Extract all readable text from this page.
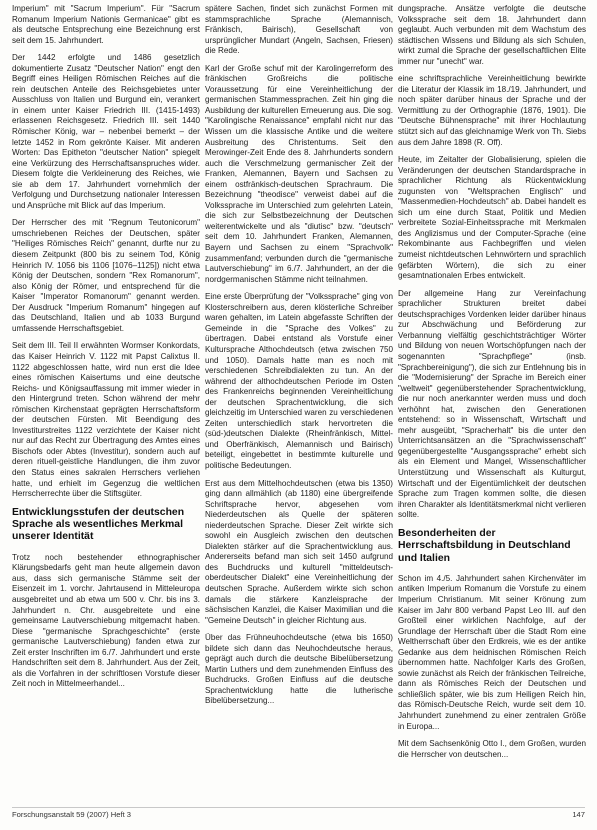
Imperium" mit "Sacrum Imperium". Für "Sacrum Romanum Imperium Nationis Germanicae" gibt es als deutsche Entsprechung eine Bezeichnung erst seit dem 15. Jahrhundert.

Der 1442 erfolgte und 1486 gesetzlich dokumentierte Zusatz "Deutscher Nation" engt den Begriff eines Heiligen Römischen Reiches auf die rein deutschen Anteile des Reichsgebietes unter Ausschluss von Italien und Burgund ein, verankert in einem unter Kaiser Friedrich III. (1415-1493) erlassenen Reichsgesetz. Friedrich III. seit 1440 Römischer König, war – nebenbei bemerkt – der letzte 1452 in Rom gekrönte Kaiser. Mit anderen Worten: Das Epitheton "deutscher Nation" spiegelt eine Verkürzung des Herrschaftsanspruches wider. Diesem folgte die Verkleinerung des Reiches, wie sie ab dem 17. Jahrhundert vornehmlich der Verfolgung und Durchsetzung nationaler Interessen und Ansprüche mit Blick auf das Imperium.

Der Herrscher des mit "Regnum Teutonicorum" umschriebenen Reiches der Deutschen, später "Heiliges Römisches Reich" genannt, durfte nur zu diesem Zeitpunkt (800 bis zu seinem Tod, König Heinrich IV. 1056 bis 1106 [1076–1125]) nicht etwa König der Deutschen, sondern "Rex Romanorum", also König der Römer, und entsprechend für die Kaiser "Imperator Romanorum" genannt werden. Der Ausdruck "Imperium Romanum" hingegen auf das Deutschland, Italien und ab 1033 Burgund umfassende Herrschaftsgebiet.

Seit dem III. Teil II erwähnten Wormser Konkordats, das Kaiser Heinrich V. 1122 mit Papst Calixtus II. 1122 abgeschlossen hatte, wird nun erst die Idee eines römischen Kaisertums und eine deutsche Reichs- und Königsauffassung mit immer wieder in den Hintergrund treten. Schon während der mehr römischen Kirchenstaat geprägten Herrschaftsform der deutschen Fürsten. Mit Beendigung des Investiturstreites 1122 verzichtete der Kaiser nicht nur auf das Recht zur Übertragung des Amtes eines Bischofs oder Abtes (Investitur), sondern auch auf deren rituell-geistliche Handlungen, die ihm zuvor den Status eines sakralen Herrschers verliehen hatte, und erhielt im Gegenzug die weltlichen Herrscherrechte über die Stiftsgüter.

Entwicklungsstufen der deutschen Sprache als wesentliches Merkmal unserer Identität

Trotz noch bestehender ethnographischer Klärungsbedarfs geht man heute allgemein davon aus, dass sich germanische Stämme seit der Eisenzeit im 1. vorchr. Jahrtausend in Mitteleuropa ausgebreitet und ab etwa um 500 v. Chr. bis ins 3. Jahrhundert n. Chr. ausgebreitete und eine gemeinsame Lautverschiebung mitgemacht haben. Diese "germanische Sprachgeschichte" (erste germanische Lautverschiebung) fanden etwa zur Zeit erster Inschriften im 6./7. Jahrhundert und erste Handschriften seit dem 8. Jahrhundert. Aus der Zeit, als die Vorfahren in der schriftlosen Vorstufe dieser Zeit noch in Mittelmeerhandel...

spätere Sachen, findet sich zunächst Formen mit stammsprachliche Sprache (Alemannisch, Fränkisch, Bairisch), Gesellschaft von ursprünglicher Mundart (Angeln, Sachsen, Friesen) die Rede.

Karl der Große schuf mit der Karolingerreform des fränkischen Großreichs die politische Voraussetzung für eine Vereinheitlichung der germanischen Stammessprachen. Zeit hin ging die Ausbildung der kulturellen Erneuerung aus. Die sog. "Karolingische Renaissance" empfahl nicht nur das Wissen um die klassische Antike und die weitere Ausbreitung des Christentums. Seit den Merowinger-Zeit Ende des 8. Jahrhunderts sondern auch die Verschmelzung germanischer Zeit der Franken, Alemannen, Bayern und Sachsen zu einem ostfränkisch-deutschen Sprachraum. Die Bezeichnung "theodisce" verweist dabei auf die Volkssprache im Unterschied zum gelehrten Latein, die sich zur Selbstbezeichnung der Deutschen weiterentwickelte und als "diutisc" bzw. "deutsch" seit dem 10. Jahrhundert Franken, Alemannen, Bayern und Sachsen zu einem "Sprachvolk" zusammenfand; verbunden durch die "germanische Lautverschiebung" im 6./7. Jahrhundert, an der die nordgermanischen Stämme nicht teilnahmen.

Eine erste Überprüfung der "Volkssprache" ging von Klosterschreibern aus, deren klösterliche Schreiber waren gehalten, im Latein abgefasste Schriften der Gemeinde in die "Sprache des Volkes" zu übertragen. Dabei entstand als Vorstufe einer Kultursprache Althochdeutsch (etwa zwischen 750 und 1050). Damals hatte man es noch mit verschiedenen Schreibdialekten zu tun. An der während der althochdeutschen Periode im Osten des Frankenreichs beginnenden Vereinheitlichung der deutschen Sprachentwicklung, die sich gleichzeitig im Unterschied waren zu verschiedenen Zeiten unterschiedlich stark hervortreten die (süd-)deutschen Dialekte (Rheinfränkisch, Mittel- und Oberfränkisch, Alemannisch und Bairisch) beteiligt, eingebettet in bestimmte kulturelle und politische Bedeutungen.

Erst aus dem Mittelhochdeutschen (etwa bis 1350) ging dann allmählich (ab 1180) eine übergreifende Schriftsprache hervor, abgesehen vom Niederdeutschen als Quelle der späteren niederdeutschen Sprache. Dieser Zeit wirkte sich sowohl ein Ausgleich zwischen den deutschen Dialekten stärker auf die Sprachentwicklung aus. Andererseits befand man sich seit 1450 aufgrund des Buchdrucks und kulturell "mitteldeutsch-oberdeutscher Dialekt" eine Vereinheitlichung der deutschen Sprache. Außerdem wirkte sich schon damals die stärkere Kanzleisprache der sächsischen Kanzlei, die Kaiser Maximilian und die "Gemeine Deutsch" in gleicher Richtung aus.

Über das Frühneuhochdeutsche (etwa bis 1650) bildete sich dann das Neuhochdeutsche heraus, geprägt auch durch die deutsche Bibelübersetzung Martin Luthers und dem zunehmenden Einfluss des Buchdrucks. Großen Einfluss auf die deutsche Sprachentwicklung hatte die lutherische Bibelübersetzung...

dungsprache. Ansätze verfolgte die deutsche Volkssprache seit dem 18. Jahrhundert dann geglaubt. Auch verbunden mit dem Wachstum des städtischen Wissens und Bildung als sich Schulen, wirkt zumal die Sprache der gesellschaftlichen Elite immer nur "unecht" war.

eine schriftsprachliche Vereinheitlichung bewirkte die Literatur der Klassik im 18./19. Jahrhundert, und noch später darüber hinaus der Sprache und der Vermittlung zu der Orthographie (1876, 1901). Die "Deutsche Bühnensprache" mit ihrer Hochlautung stützt sich auf das gleichnamige Werk von Th. Siebs aus dem Jahre 1898 (R. Off).

Heute, im Zeitalter der Globalisierung, spielen die Veränderungen der deutschen Standardsprache in sprachlicher Richtung als Rückentwicklung zugunsten von "Weltsprachen Englisch" und "Massenmedien-Hochdeutsch" ab. Dabei handelt es sich um eine durch Staat, Politik und Medien verbreitete Sozial-Einheitssprache mit Merkmalen des Anglizismus und der Computer-Sprache (eine Rekombinante aus Fachbegriffen und vielen zumeist nichtdeutschen Lehnwörtern und sprachlich gefärbten Wörtern), die sich zu einer gesamtnationalen Erbes entwickelt.

Der allgemeine Hang zur Vereinfachung sprachlicher Strukturen breitet dabei deutschsprachiges Vordenken leider darüber hinaus zur Abschwächung und Beförderung zur Verbannung vielfältig geschichtsträchtiger Wörter und Bildung von neuen Wortschöpfungen nach der sogenannten "Sprachpflege" (insb. "Sprachbereinigung"), die sich zur Entlehnung bis in die "Modernisierung" der Sprache im Bereich einer "weltweit" gegenüberstehender Sprachentwicklung, die nur noch anerkannter werden muss und doch verhöhnt hat, zwischen den Generationen entstehend: so in Wissenschaft, Wirtschaft und mehr ausgeübt, "Spracherhalt" bis die unter den Unterrichtsansätzen an die "Sprachwissenschaft" gegenübergestellte "Ausgangssprache" erhebt sich als ein Element und Mangel, Wissenschaftlicher Unterstützung und Wissenschaft als Kulturgut, Wirtschaft und der Eigentümlichkeit der deutschen Sprache zum Tragen kommen sollte, die diesen ihren Charakter als Identitätsmerkmal nicht verlieren sollte.

Besonderheiten der Herrschaftsbildung in Deutschland und Italien

Schon im 4./5. Jahrhundert sahen Kirchenväter im antiken Imperium Romanum die Vorstufe zu einem Imperium Christianum. Mit seiner Krönung zum Kaiser im Jahr 800 verband Papst Leo III. auf den Großteil einer wirklichen Nachfolge, auf der Grundlage der Herrschaft über die Stadt Rom eine Weltherrschaft über den Erdkreis, wie es der antike Gedanke aus dem heidnischen Römischen Reich übernommen hatte. Nachfolger Karls des Großen, sowie zunächst als Reich der fränkischen Teilreiche, dann als Römisches Reich der Deutschen und schließlich später, wie bis zum Heiligen Reich hin, das Römisch-Deutsche Reich, wurde seit dem 10. Jahrhundert zunehmend zu einer zentralen Größe in Europa...

Mit dem Sachsenkönig Otto I., dem Großen, wurden die Herrscher von deutschen...

Forschungsanstalt 59 (2007) Heft 3	147
